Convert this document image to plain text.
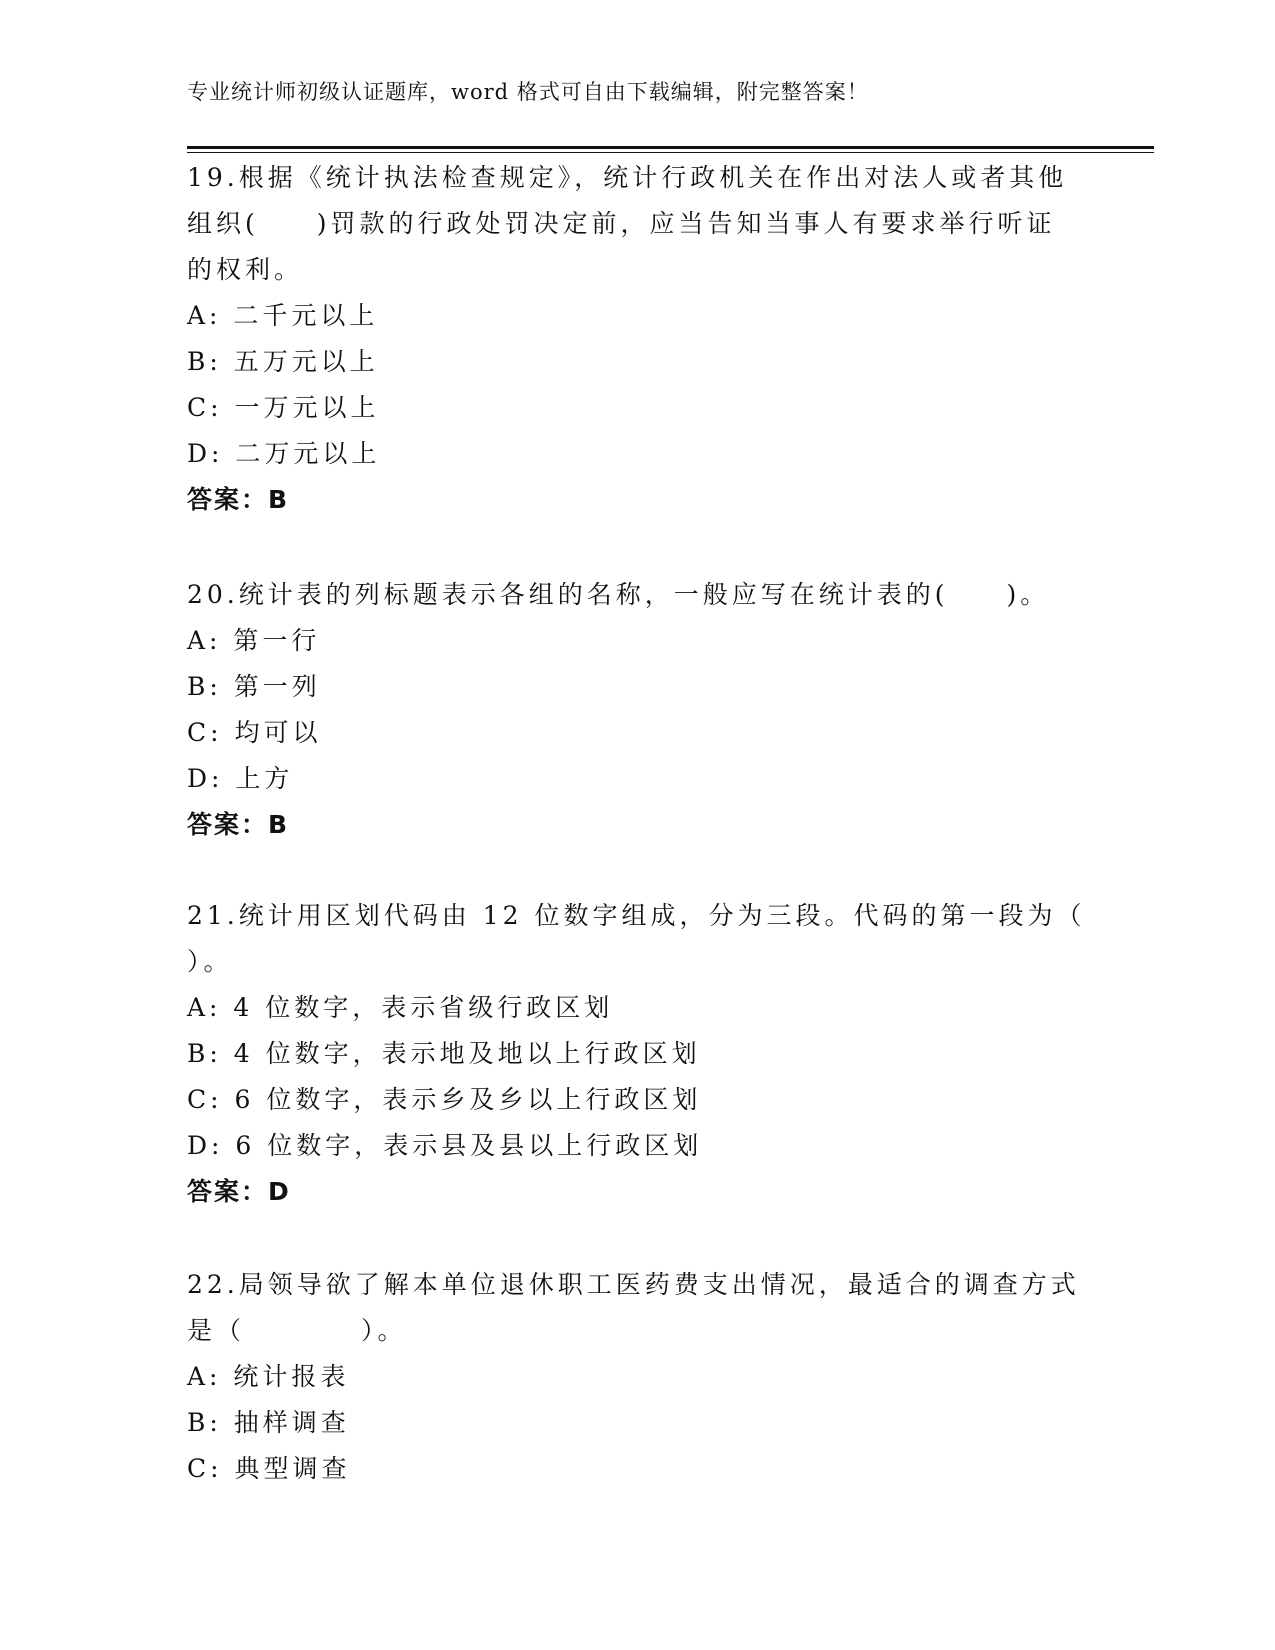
专业统计师初级认证题库，word 格式可自由下载编辑，附完整答案！
19.根据《统计执法检查规定》，统计行政机关在作出对法人或者其他
组织(　　)罚款的行政处罚决定前，应当告知当事人有要求举行听证
的权利。
A: 二千元以上
B: 五万元以上
C: 一万元以上
D: 二万元以上
答案：B
20.统计表的列标题表示各组的名称，一般应写在统计表的(　　)。
A: 第一行
B: 第一列
C: 均可以
D: 上方
答案：B
21.统计用区划代码由 12 位数字组成，分为三段。代码的第一段为（
）。
A: 4 位数字，表示省级行政区划
B: 4 位数字，表示地及地以上行政区划
C: 6 位数字，表示乡及乡以上行政区划
D: 6 位数字，表示县及县以上行政区划
答案：D
22.局领导欲了解本单位退休职工医药费支出情况，最适合的调查方式
是（　　　　）。
A: 统计报表
B: 抽样调查
C: 典型调查
